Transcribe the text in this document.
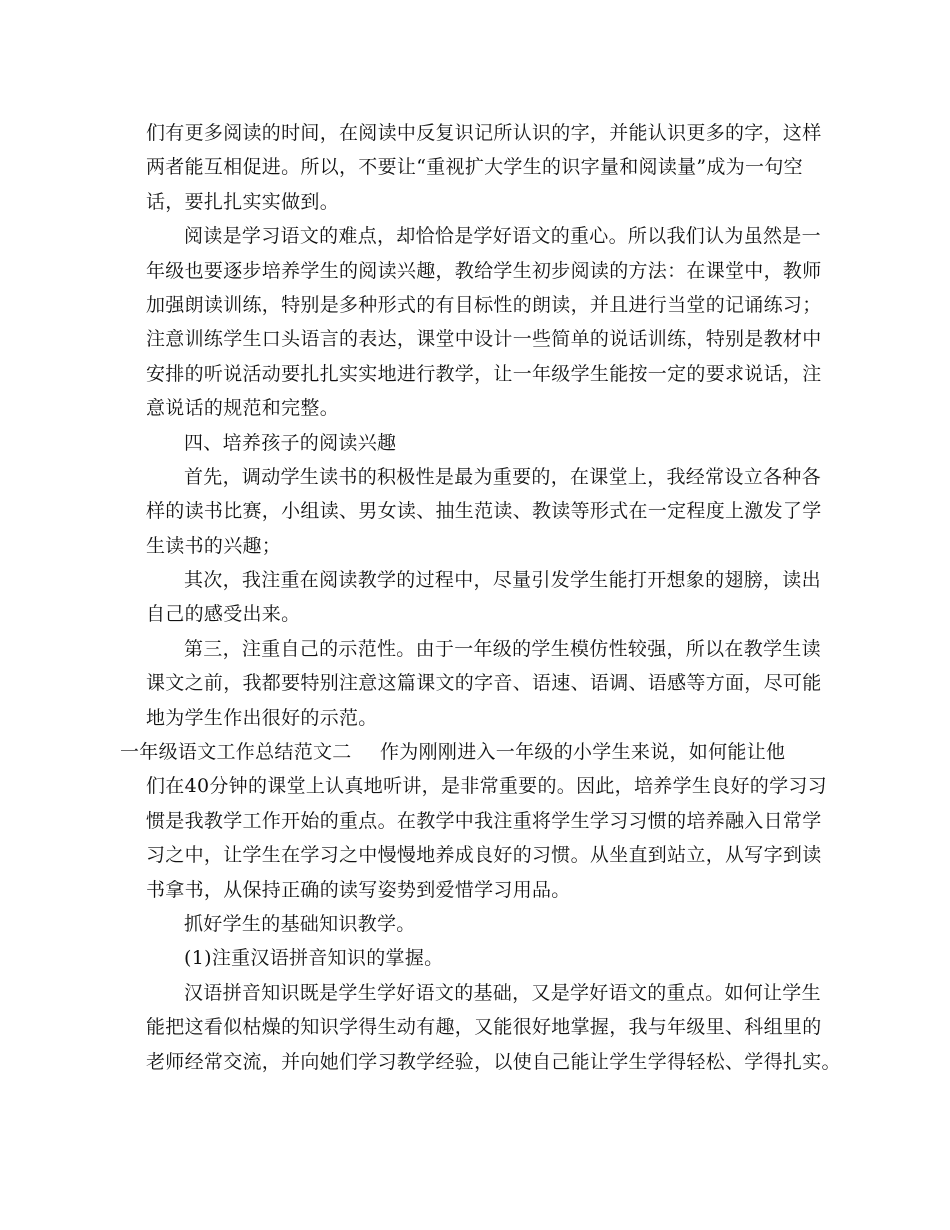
们有更多阅读的时间，在阅读中反复识记所认识的字，并能认识更多的字，这样
两者能互相促进。所以，不要让“重视扩大学生的识字量和阅读量”成为一句空
话，要扎扎实实做到。
阅读是学习语文的难点，却恰恰是学好语文的重心。所以我们认为虽然是一
年级也要逐步培养学生的阅读兴趣，教给学生初步阅读的方法：在课堂中，教师
加强朗读训练，特别是多种形式的有目标性的朗读，并且进行当堂的记诵练习；
注意训练学生口头语言的表达，课堂中设计一些简单的说话训练，特别是教材中
安排的听说活动要扎扎实实地进行教学，让一年级学生能按一定的要求说话，注
意说话的规范和完整。
四、培养孩子的阅读兴趣
首先，调动学生读书的积极性是最为重要的，在课堂上，我经常设立各种各
样的读书比赛，小组读、男女读、抽生范读、教读等形式在一定程度上激发了学
生读书的兴趣；
其次，我注重在阅读教学的过程中，尽量引发学生能打开想象的翅膀，读出
自己的感受出来。
第三，注重自己的示范性。由于一年级的学生模仿性较强，所以在教学生读
课文之前，我都要特别注意这篇课文的字音、语速、语调、语感等方面，尽可能
地为学生作出很好的示范。
一年级语文工作总结范文二 作为刚刚进入一年级的小学生来说，如何能让他
们在40分钟的课堂上认真地听讲，是非常重要的。因此，培养学生良好的学习习
惯是我教学工作开始的重点。在教学中我注重将学生学习习惯的培养融入日常学
习之中，让学生在学习之中慢慢地养成良好的习惯。从坐直到站立，从写字到读
书拿书，从保持正确的读写姿势到爱惜学习用品。
抓好学生的基础知识教学。
(1)注重汉语拼音知识的掌握。
汉语拼音知识既是学生学好语文的基础，又是学好语文的重点。如何让学生
能把这看似枯燥的知识学得生动有趣，又能很好地掌握，我与年级里、科组里的
老师经常交流，并向她们学习教学经验，以使自己能让学生学得轻松、学得扎实。
